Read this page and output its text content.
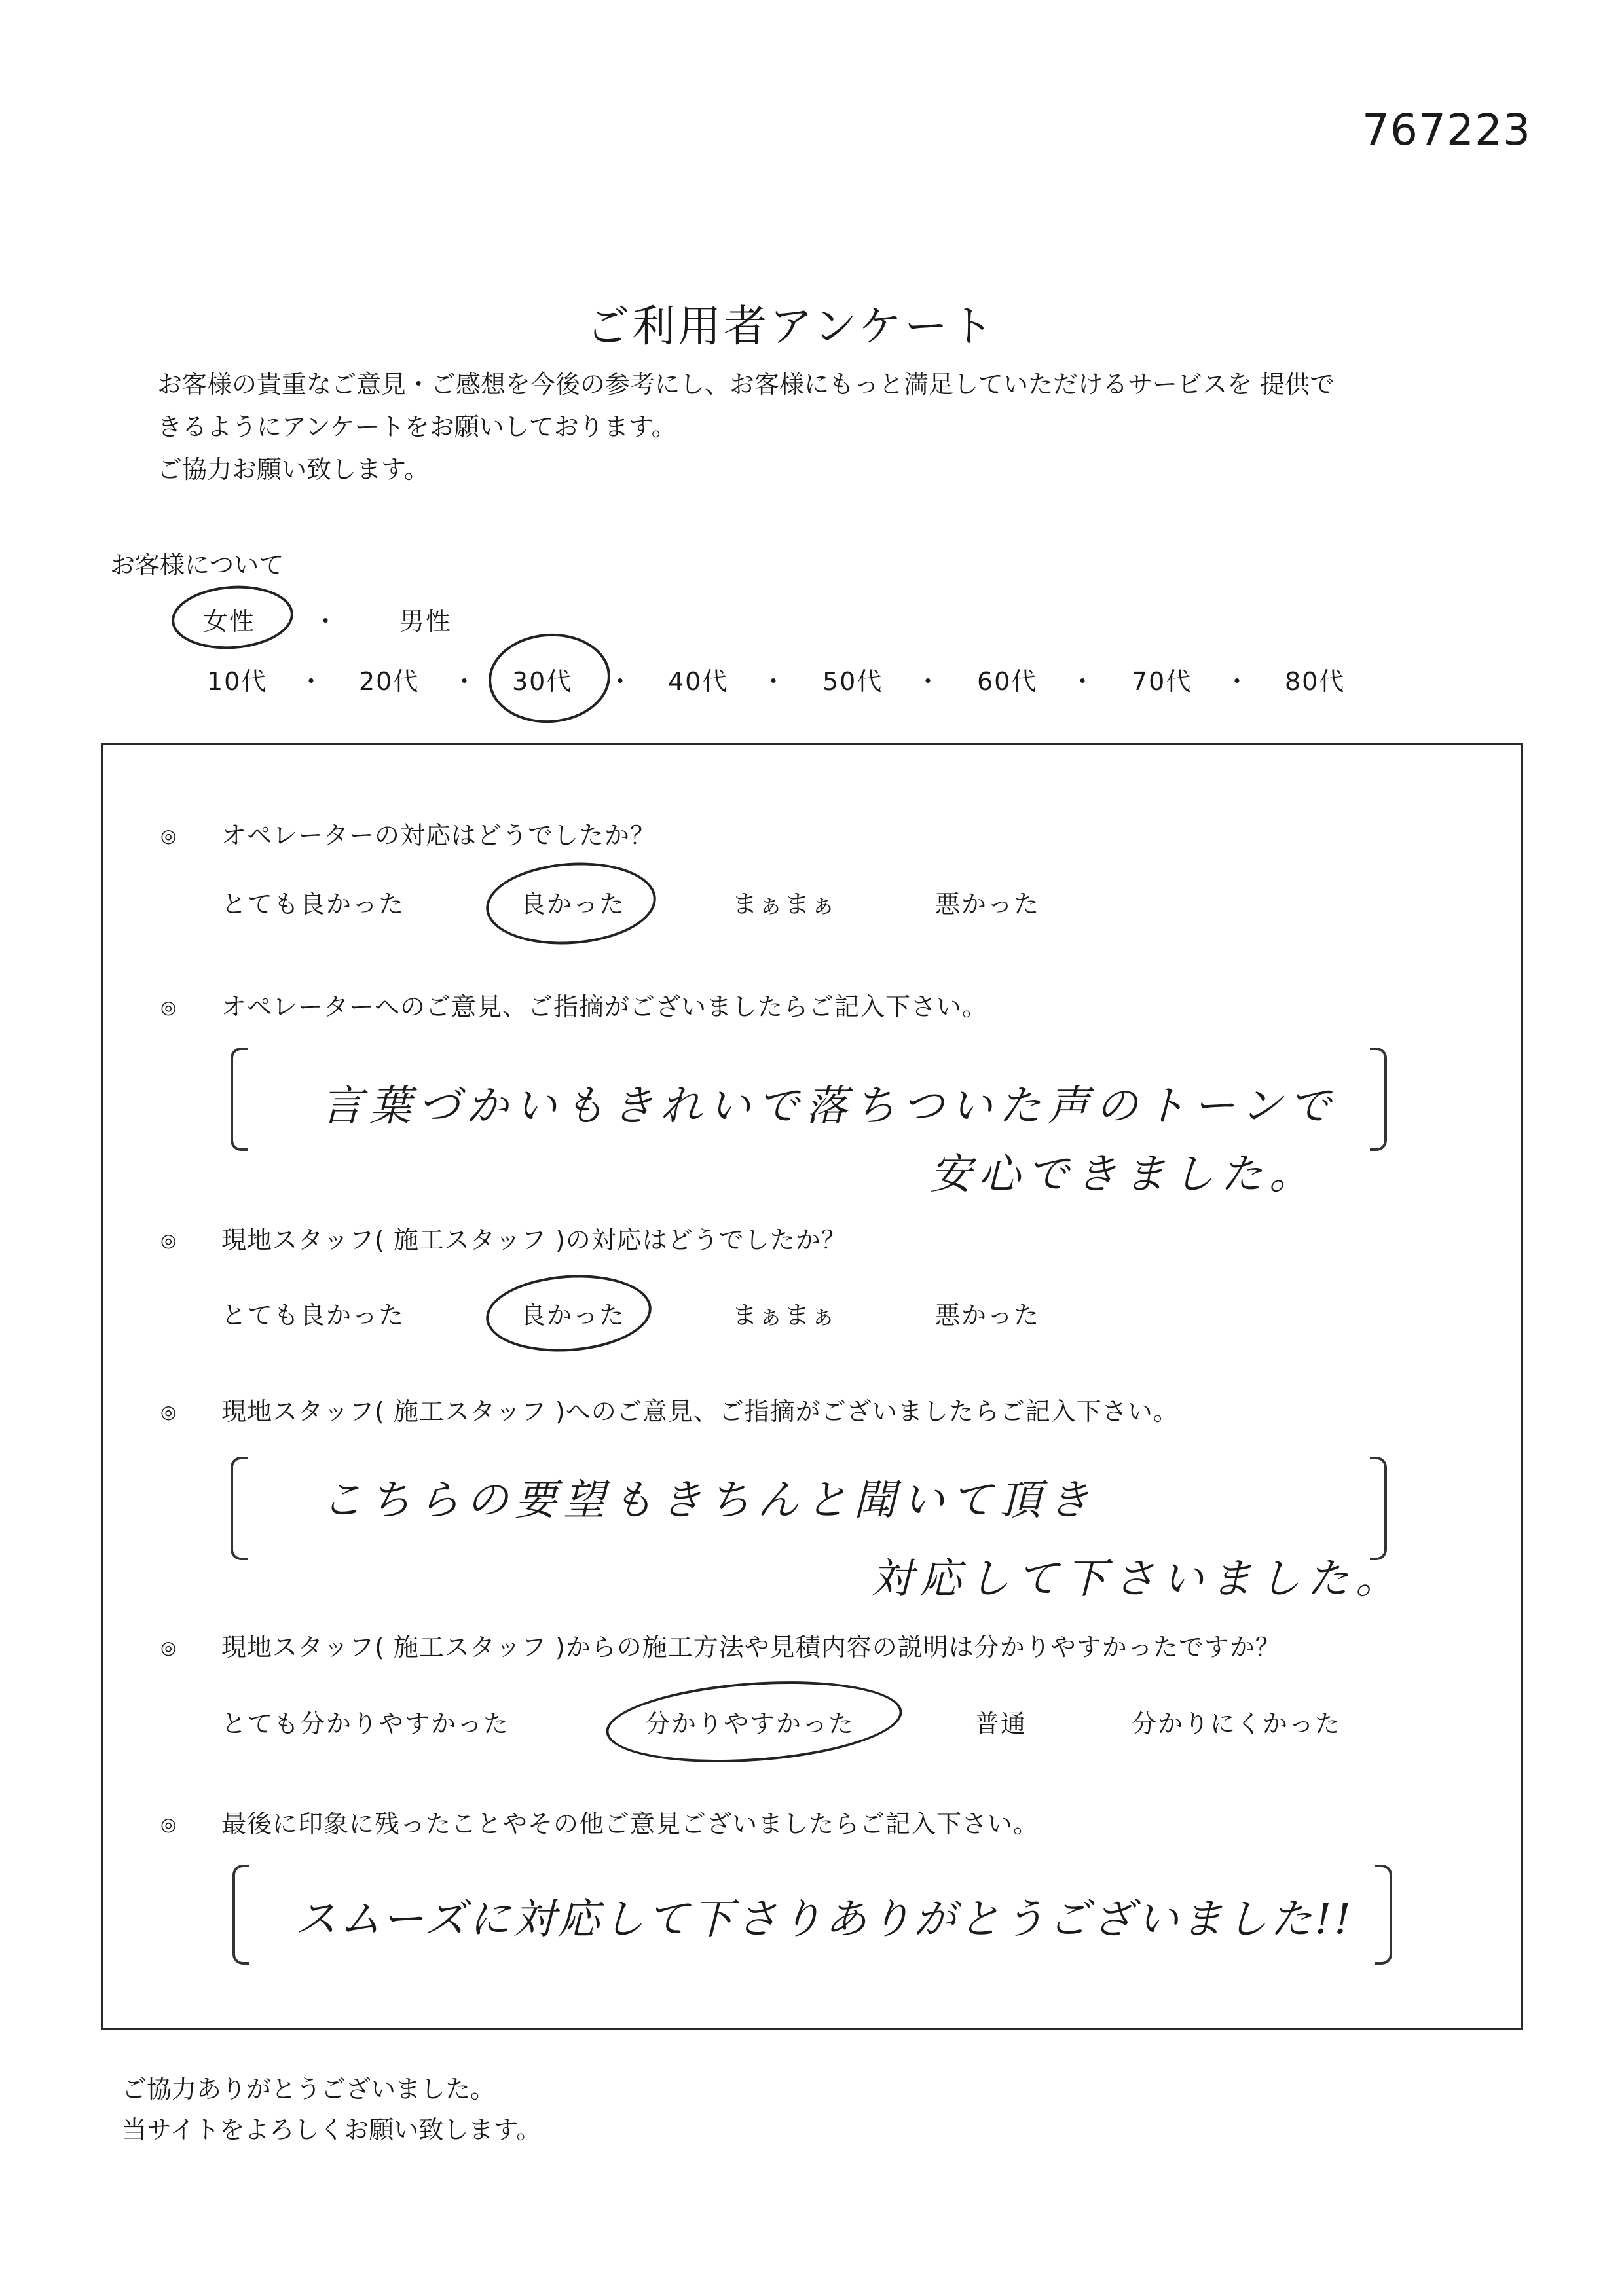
767223
ご利用者アンケート
お客様の貴重なご意見・ご感想を今後の参考にし、お客様にもっと満足していただけるサービスを 提供で
きるようにアンケートをお願いしております。
ご協力お願い致します。
お客様について
女性 ・ 男性
10代 ・ 20代 ・ 30代 ・ 40代 ・ 50代 ・ 60代 ・ 70代 ・ 80代
◎ オペレーターの対応はどうでしたか？
とても良かった	良かった	まぁまぁ	悪かった
◎ オペレーターへのご意見、ご指摘がございましたらご記入下さい。
言葉づかいもきれいで落ちついた声のトーンで
安心できました。
◎ 現地スタッフ( 施工スタッフ )の対応はどうでしたか？
とても良かった	良かった	まぁまぁ	悪かった
◎ 現地スタッフ( 施工スタッフ )へのご意見、ご指摘がございましたらご記入下さい。
こちらの要望もきちんと聞いて頂き
対応して下さいました。
◎ 現地スタッフ( 施工スタッフ )からの施工方法や見積内容の説明は分かりやすかったですか？
とても分かりやすかった	分かりやすかった	普通	分かりにくかった
◎ 最後に印象に残ったことやその他ご意見ございましたらご記入下さい。
スムーズに対応して下さりありがとうございました!!
ご協力ありがとうございました。
当サイトをよろしくお願い致します。
